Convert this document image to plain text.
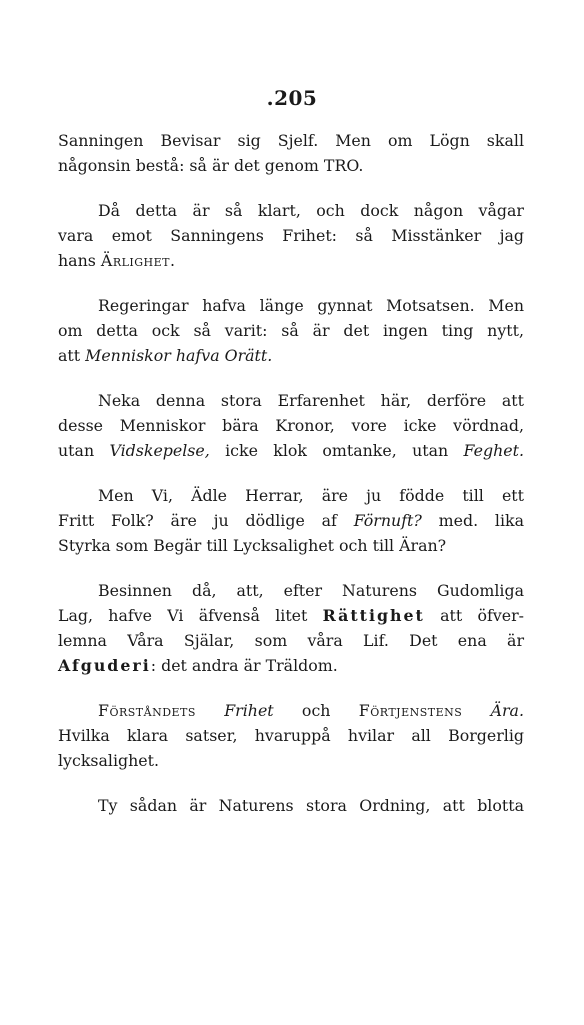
.205

Sanningen Bevisar sig Sjelf. Men om Lögn skall
någonsin bestå: så är det genom TRO.

Då detta är så klart, och dock någon vågar
vara emot Sanningens Frihet: så Misstänker jag
hans Ärlighet.

Regeringar hafva länge gynnat Motsatsen. Men
om detta ock så varit: så är det ingen ting nytt,
att Menniskor hafva Orätt.

Neka denna stora Erfarenhet här, derföre att
desse Menniskor bära Kronor, vore icke vördnad,
utan Vidskepelse, icke klok omtanke, utan Feghet.

Men Vi, Ädle Herrar, äre ju födde till ett
Fritt Folk? äre ju dödlige af Förnuft? med. lika
Styrka som Begär till Lycksalighet och till Äran?

Besinnen då, att, efter Naturens Gudomliga
Lag, hafve Vi äfvenså litet Rättighet att öfver-
lemna Våra Själar, som våra Lif. Det ena är
Afguderi: det andra är Träldom.

Förståndets Frihet och Förtjenstens Ära.
Hvilka klara satser, hvaruppå hvilar all Borgerlig
lycksalighet.

Ty sådan är Naturens stora Ordning, att blotta
